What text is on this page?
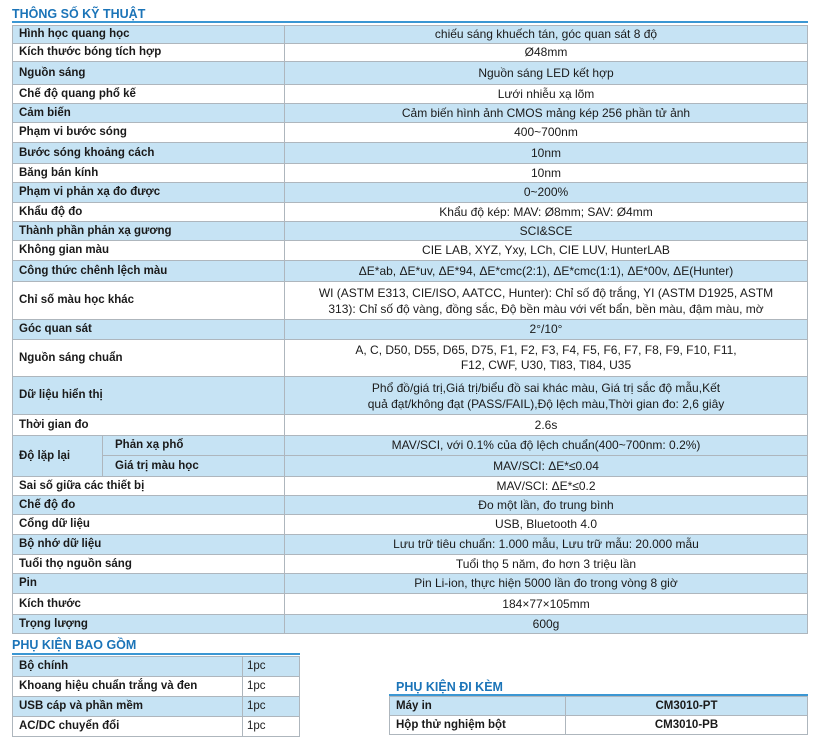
THÔNG SỐ KỸ THUẬT
Hình học quang học		chiếu sáng khuếch tán, góc quan sát 8 độ
Kích thước bóng tích hợp		Ø48mm
Nguồn sáng		Nguồn sáng LED kết hợp
Chế độ quang phổ kế		Lưới nhiễu xạ lõm
Cảm biến		Cảm biến hình ảnh CMOS mảng kép 256 phần tử ảnh
Phạm vi bước sóng		400~700nm
Bước sóng khoảng cách		10nm
Băng bán kính		10nm
Phạm vi phản xạ đo được		0~200%
Khẩu độ đo		Khẩu độ kép: MAV: Ø8mm; SAV: Ø4mm
Thành phần phản xạ gương		SCI&SCE
Không gian màu		CIE LAB, XYZ, Yxy, LCh, CIE LUV, HunterLAB
Công thức chênh lệch màu		ΔE*ab, ΔE*uv, ΔE*94, ΔE*cmc(2:1), ΔE*cmc(1:1), ΔE*00v, ΔE(Hunter)
Chỉ số màu học khác		WI (ASTM E313, CIE/ISO, AATCC, Hunter): Chỉ số độ trắng, YI (ASTM D1925, ASTM
313): Chỉ số độ vàng, đồng sắc, Độ bền màu với vết bẩn, bền màu, đậm màu, mờ

Góc quan sát		2°/10°
Nguồn sáng chuẩn		A, C, D50, D55, D65, D75, F1, F2, F3, F4, F5, F6, F7, F8, F9, F10, F11,
F12, CWF, U30, Tl83, Tl84, U35

Dữ liệu hiển thị		Phổ đồ/giá trị,Giá trị/biểu đồ sai khác màu, Giá trị sắc độ mẫu,Kết
quả đạt/không đạt (PASS/FAIL),Độ lệch màu,Thời gian đo: 2,6 giây

Thời gian đo		2.6s
Độ lặp lại	Phản xạ phổ	MAV/SCI, với 0.1% của độ lệch chuẩn(400~700nm: 0.2%)
	Giá trị màu học	MAV/SCI: ΔE*≤0.04
Sai số giữa các thiết bị		MAV/SCI: ΔE*≤0.2
Chế độ đo		Đo một lần, đo trung bình
Cổng dữ liệu		USB, Bluetooth 4.0
Bộ nhớ dữ liệu		Lưu trữ tiêu chuẩn: 1.000 mẫu, Lưu trữ mẫu: 20.000 mẫu
Tuổi thọ nguồn sáng		Tuổi thọ 5 năm, đo hơn 3 triệu lần
Pin		Pin Li-ion, thực hiện 5000 lần đo trong vòng 8 giờ
Kích thước		184×77×105mm
Trọng lượng		600g
PHỤ KIỆN BAO GỒM
Bộ chính	1pc
Khoang hiệu chuẩn trắng và đen	1pc
USB cáp và phần mềm	1pc
AC/DC chuyển đổi	1pc
PHỤ KIỆN ĐI KÈM
Máy in	CM3010-PT
Hộp thử nghiệm bột	CM3010-PB
